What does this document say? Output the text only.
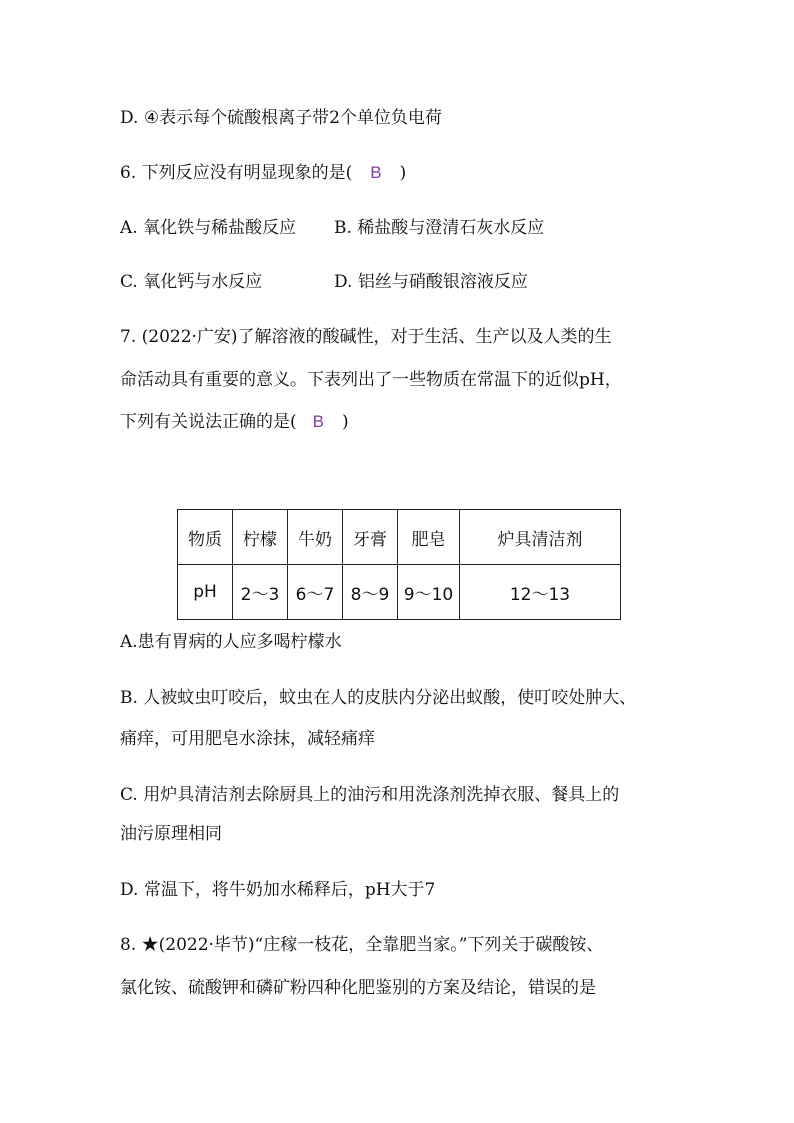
D. ④表示每个硫酸根离子带2个单位负电荷
6. 下列反应没有明显现象的是( B )
A. 氧化铁与稀盐酸反应 B. 稀盐酸与澄清石灰水反应
C. 氧化钙与水反应	D. 铝丝与硝酸银溶液反应
7. (2022·广安)了解溶液的酸碱性，对于生活、生产以及人类的生
命活动具有重要的意义。下表列出了一些物质在常温下的近似pH，
下列有关说法正确的是( B )
物质	柠檬	牛奶	牙膏	肥皂	炉具清洁剂
pH	2～3	6～7	8～9	9～10	12～13
A.患有胃病的人应多喝柠檬水
B. 人被蚊虫叮咬后，蚊虫在人的皮肤内分泌出蚁酸，使叮咬处肿大、
痛痒，可用肥皂水涂抹，减轻痛痒
C. 用炉具清洁剂去除厨具上的油污和用洗涤剂洗掉衣服、餐具上的
油污原理相同
D. 常温下，将牛奶加水稀释后，pH大于7
8. ★(2022·毕节)“庄稼一枝花，全靠肥当家。”下列关于碳酸铵、
氯化铵、硫酸钾和磷矿粉四种化肥鉴别的方案及结论，错误的是
